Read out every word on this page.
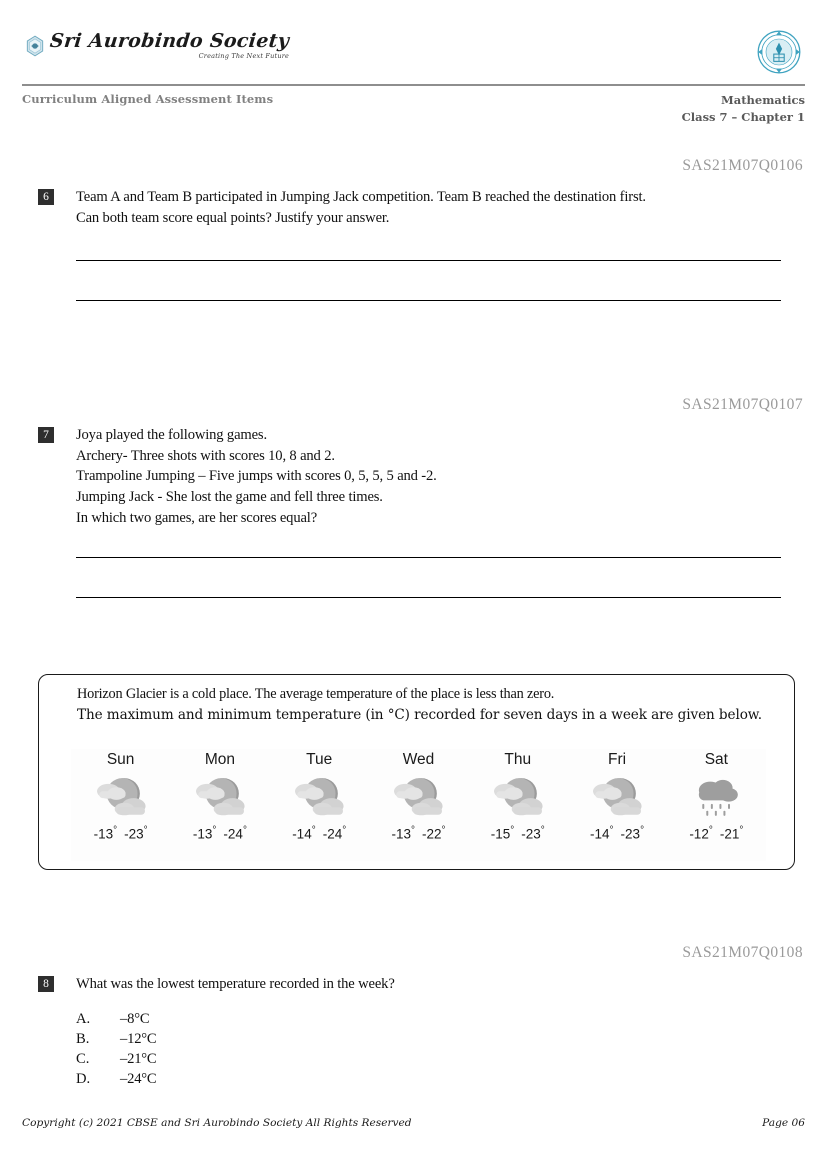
Sri Aurobindo Society
Creating The Next Future
Curriculum Aligned Assessment Items	Mathematics
Class 7 – Chapter 1
SAS21M07Q0106
6	Team A and Team B participated in Jumping Jack competition. Team B reached the destination first.
Can both team score equal points? Justify your answer.
SAS21M07Q0107
7	Joya played the following games.
Archery- Three shots with scores 10, 8 and 2.
Trampoline Jumping – Five jumps with scores 0, 5, 5, 5 and -2.
Jumping Jack - She lost the game and fell three times.
In which two games, are her scores equal?
Horizon Glacier is a cold place. The average temperature of the place is less than zero.
The maximum and minimum temperature (in °C) recorded for seven days in a week are given below.
Sun
-13 ° -23 °
Mon
-13 ° -24 °
Tue
-14 ° -24 °
Wed
-13 ° -22 °
Thu
-15 ° -23 °
Fri
-14 ° -23 °
Sat
-12 ° -21 °
SAS21M07Q0108
8	What was the lowest temperature recorded in the week?
A.	–8°C
B.	–12°C
C.	–21°C
D.	–24°C
Copyright (c) 2021 CBSE and Sri Aurobindo Society All Rights Reserved	Page 06
